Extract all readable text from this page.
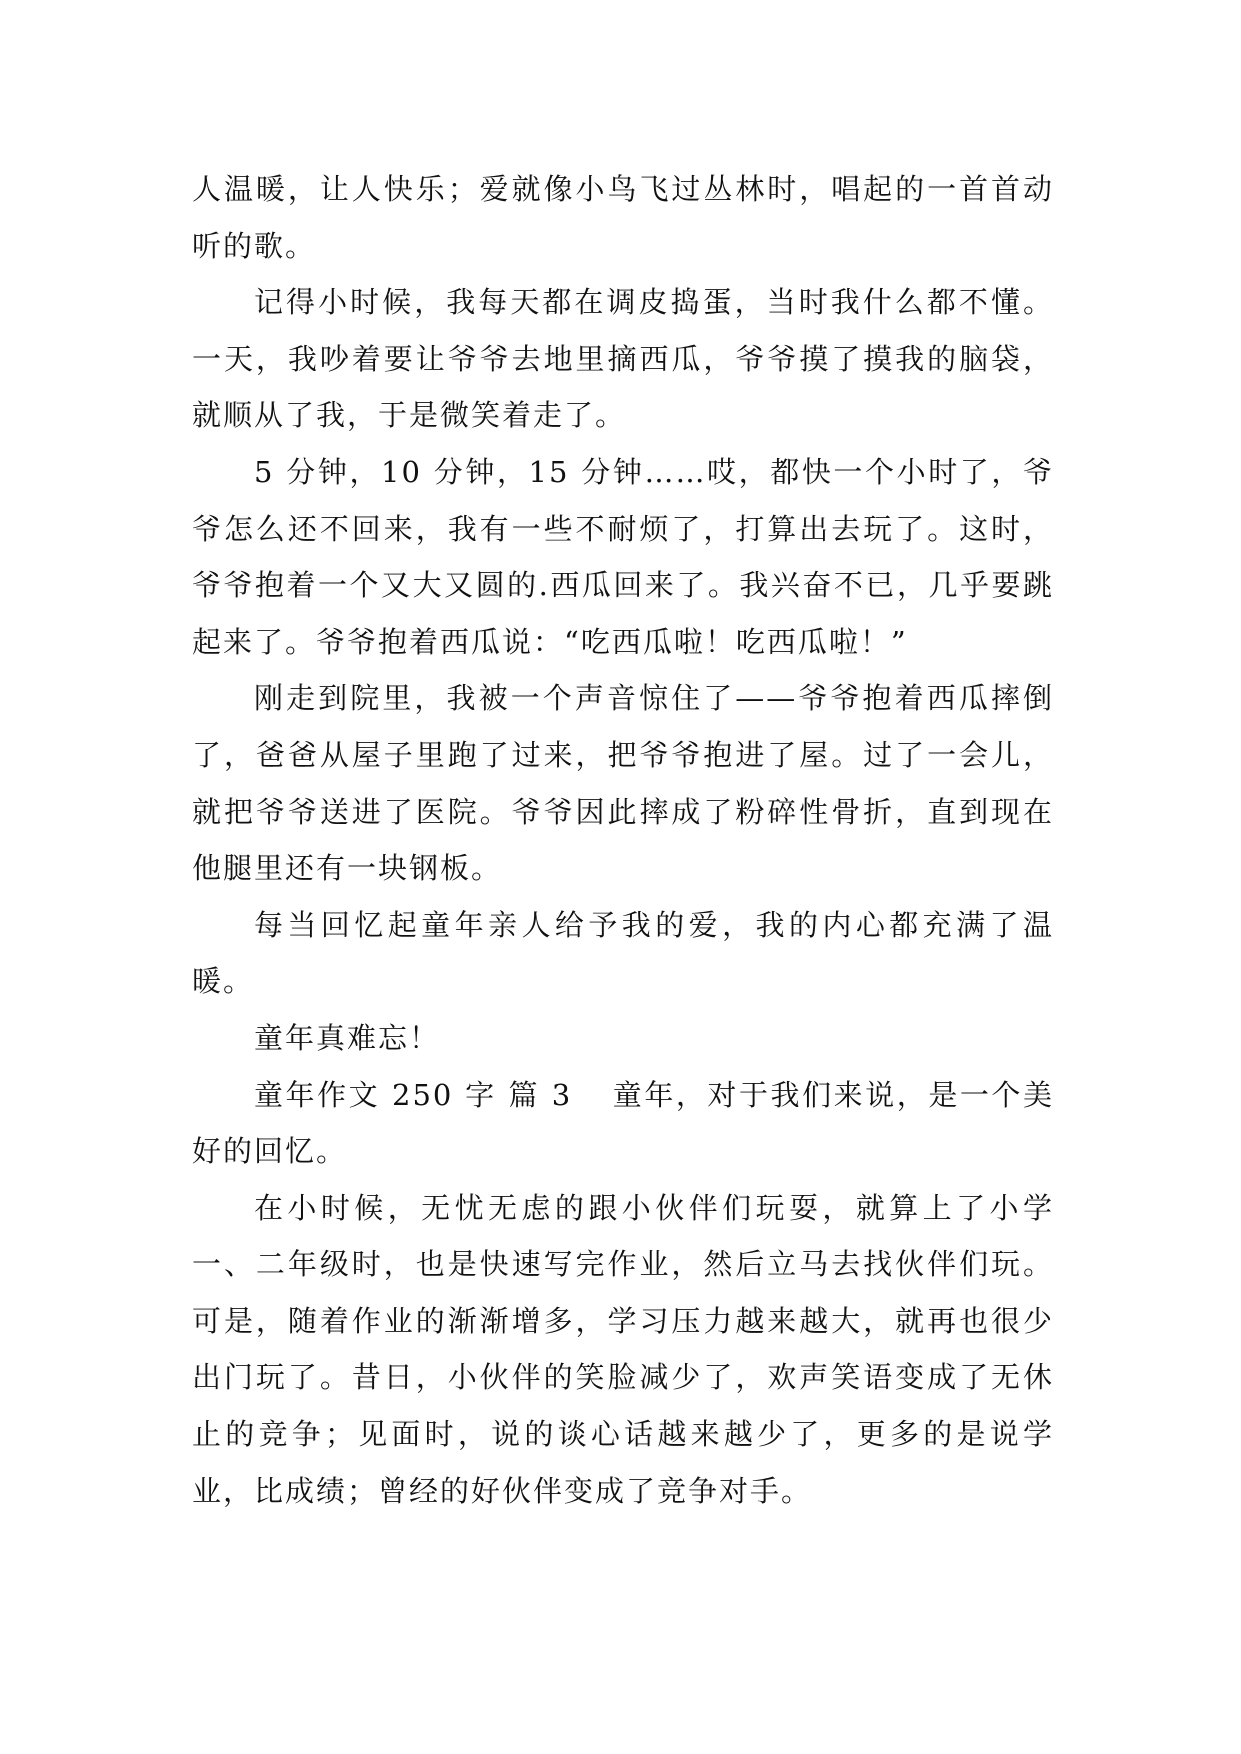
人温暖，让人快乐；爱就像小鸟飞过丛林时，唱起的一首首动听的歌。

记得小时候，我每天都在调皮捣蛋，当时我什么都不懂。一天，我吵着要让爷爷去地里摘西瓜，爷爷摸了摸我的脑袋，就顺从了我，于是微笑着走了。

5 分钟，10 分钟，15 分钟……哎，都快一个小时了，爷爷怎么还不回来，我有一些不耐烦了，打算出去玩了。这时，爷爷抱着一个又大又圆的.西瓜回来了。我兴奋不已，几乎要跳起来了。爷爷抱着西瓜说：“吃西瓜啦！吃西瓜啦！”

刚走到院里，我被一个声音惊住了——爷爷抱着西瓜摔倒了，爸爸从屋子里跑了过来，把爷爷抱进了屋。过了一会儿，就把爷爷送进了医院。爷爷因此摔成了粉碎性骨折，直到现在他腿里还有一块钢板。

每当回忆起童年亲人给予我的爱，我的内心都充满了温暖。

童年真难忘！

童年作文 250 字 篇 3 童年，对于我们来说，是一个美好的回忆。

在小时候，无忧无虑的跟小伙伴们玩耍，就算上了小学一、二年级时，也是快速写完作业，然后立马去找伙伴们玩。可是，随着作业的渐渐增多，学习压力越来越大，就再也很少出门玩了。昔日，小伙伴的笑脸减少了，欢声笑语变成了无休止的竞争；见面时，说的谈心话越来越少了，更多的是说学业，比成绩；曾经的好伙伴变成了竞争对手。
